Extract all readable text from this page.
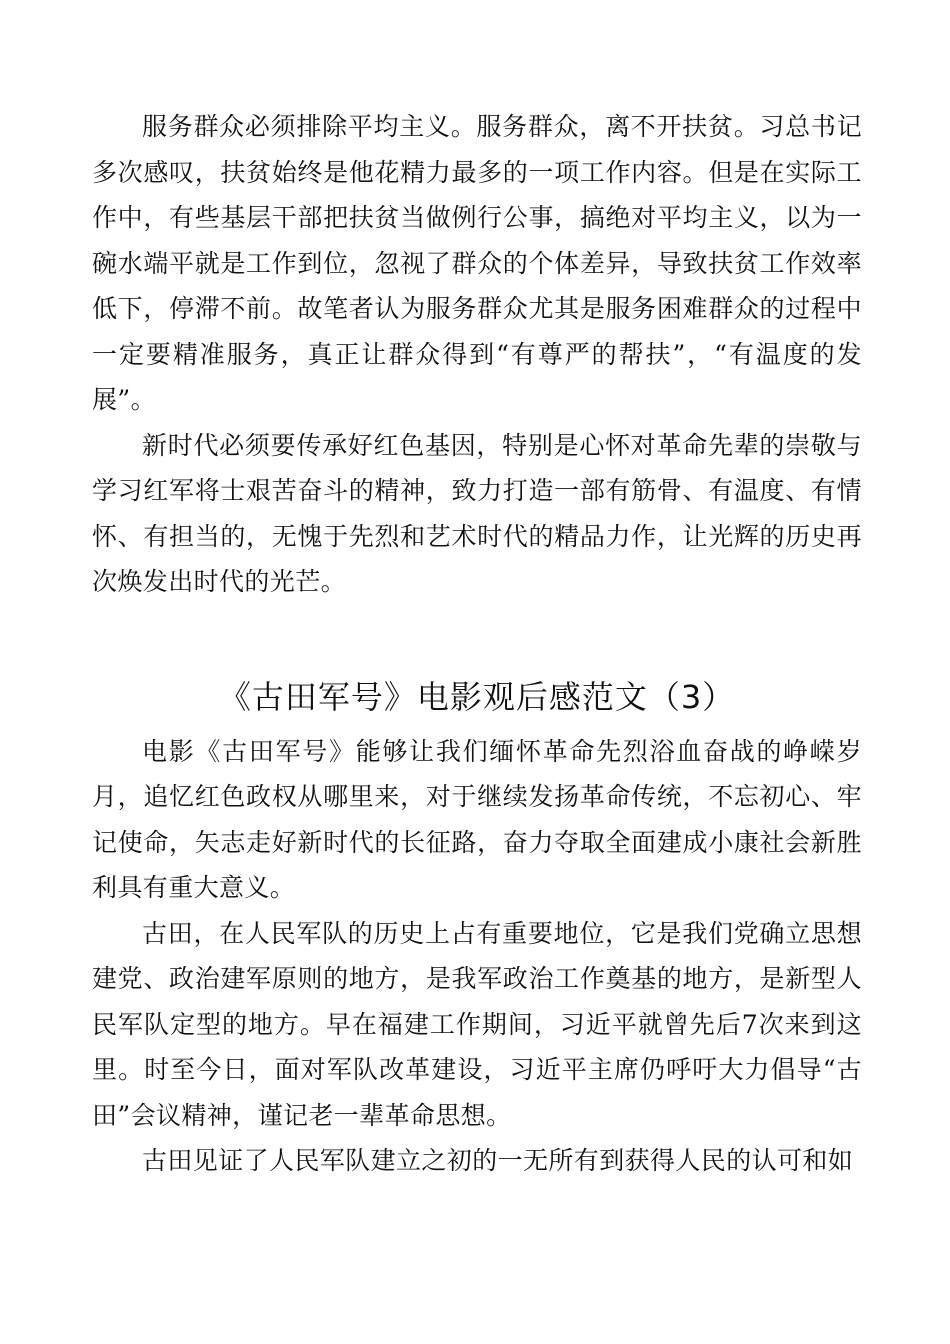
服务群众必须排除平均主义。服务群众，离不开扶贫。习总书记多次感叹，扶贫始终是他花精力最多的一项工作内容。但是在实际工作中，有些基层干部把扶贫当做例行公事，搞绝对平均主义，以为一碗水端平就是工作到位，忽视了群众的个体差异，导致扶贫工作效率低下，停滞不前。故笔者认为服务群众尤其是服务困难群众的过程中一定要精准服务，真正让群众得到“有尊严的帮扶”，“有温度的发展”。

新时代必须要传承好红色基因，特别是心怀对革命先辈的崇敬与学习红军将士艰苦奋斗的精神，致力打造一部有筋骨、有温度、有情怀、有担当的，无愧于先烈和艺术时代的精品力作，让光辉的历史再次焕发出时代的光芒。

《古田军号》电影观后感范文（3）

电影《古田军号》能够让我们缅怀革命先烈浴血奋战的峥嵘岁月，追忆红色政权从哪里来，对于继续发扬革命传统，不忘初心、牢记使命，矢志走好新时代的长征路，奋力夺取全面建成小康社会新胜利具有重大意义。

古田，在人民军队的历史上占有重要地位，它是我们党确立思想建党、政治建军原则的地方，是我军政治工作奠基的地方，是新型人民军队定型的地方。早在福建工作期间，习近平就曾先后7次来到这里。时至今日，面对军队改革建设，习近平主席仍呼吁大力倡导“古田”会议精神，谨记老一辈革命思想。

古田见证了人民军队建立之初的一无所有到获得人民的认可和如
